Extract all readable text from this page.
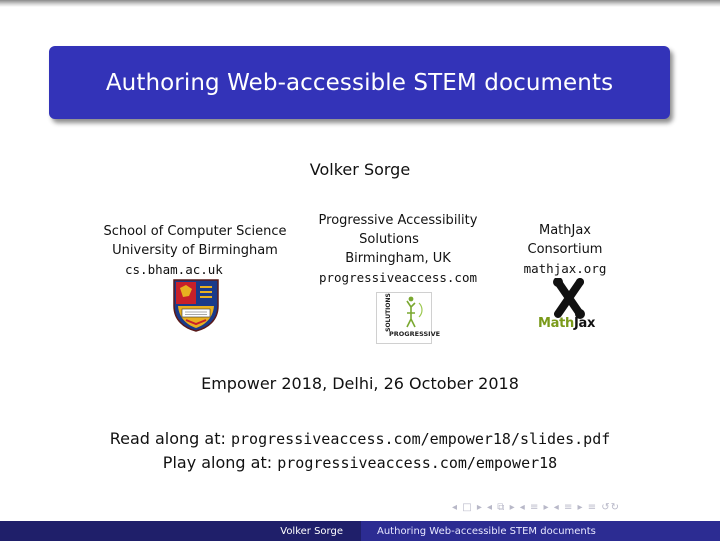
Authoring Web-accessible STEM documents
Volker Sorge
School of Computer Science
University of Birmingham
cs.bham.ac.uk
Progressive Accessibility
Solutions
Birmingham, UK
progressiveaccess.com
MathJax
Consortium
mathjax.org
SOLUTIONS
PROGRESSIVE
MathJax
Empower 2018, Delhi, 26 October 2018
Read along at: progressiveaccess.com/empower18/slides.pdf
Play along at: progressiveaccess.com/empower18
◂ □ ▸ ◂ ⧉ ▸ ◂ ≡ ▸ ◂ ≡ ▸ ≡ ↺↻
Volker Sorge	Authoring Web-accessible STEM documents
